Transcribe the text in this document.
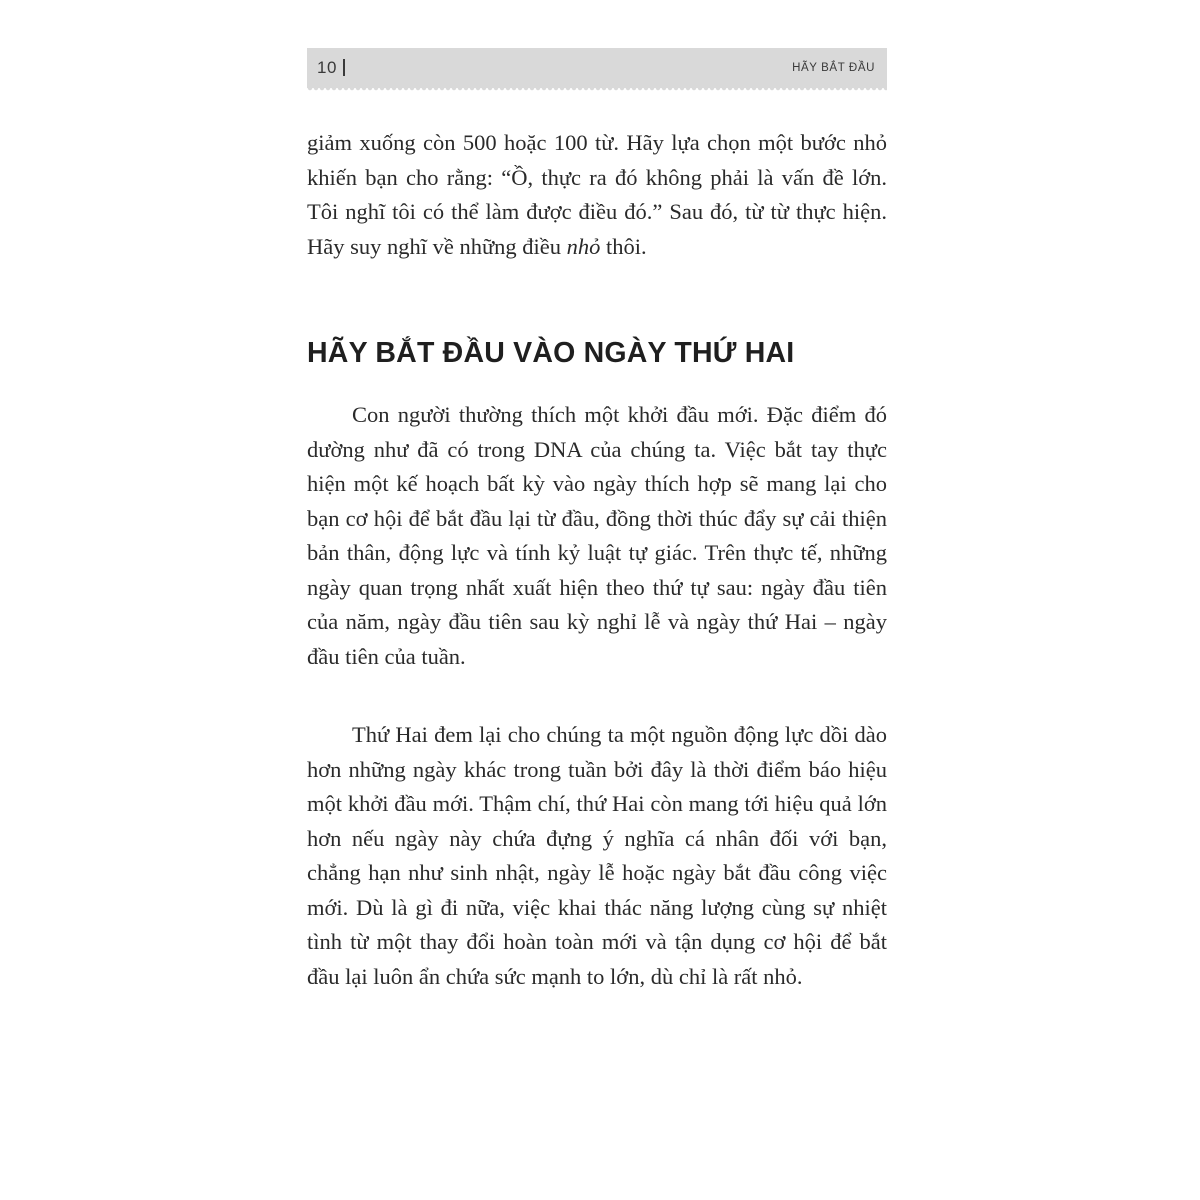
10	HÃY BẮT ĐẦU

giảm xuống còn 500 hoặc 100 từ. Hãy lựa chọn một bước nhỏ khiến bạn cho rằng: “Ồ, thực ra đó không phải là vấn đề lớn. Tôi nghĩ tôi có thể làm được điều đó.” Sau đó, từ từ thực hiện. Hãy suy nghĩ về những điều nhỏ thôi.

HÃY BẮT ĐẦU VÀO NGÀY THỨ HAI

Con người thường thích một khởi đầu mới. Đặc điểm đó dường như đã có trong DNA của chúng ta. Việc bắt tay thực hiện một kế hoạch bất kỳ vào ngày thích hợp sẽ mang lại cho bạn cơ hội để bắt đầu lại từ đầu, đồng thời thúc đẩy sự cải thiện bản thân, động lực và tính kỷ luật tự giác. Trên thực tế, những ngày quan trọng nhất xuất hiện theo thứ tự sau: ngày đầu tiên của năm, ngày đầu tiên sau kỳ nghỉ lễ và ngày thứ Hai – ngày đầu tiên của tuần.

Thứ Hai đem lại cho chúng ta một nguồn động lực dồi dào hơn những ngày khác trong tuần bởi đây là thời điểm báo hiệu một khởi đầu mới. Thậm chí, thứ Hai còn mang tới hiệu quả lớn hơn nếu ngày này chứa đựng ý nghĩa cá nhân đối với bạn, chẳng hạn như sinh nhật, ngày lễ hoặc ngày bắt đầu công việc mới. Dù là gì đi nữa, việc khai thác năng lượng cùng sự nhiệt tình từ một thay đổi hoàn toàn mới và tận dụng cơ hội để bắt đầu lại luôn ẩn chứa sức mạnh to lớn, dù chỉ là rất nhỏ.
